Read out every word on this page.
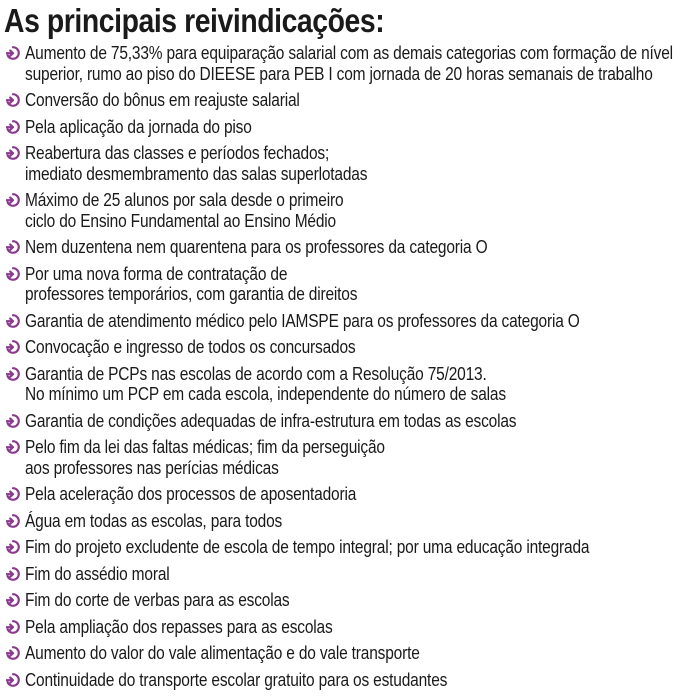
As principais reivindicações:
Aumento de 75,33% para equiparação salarial com as demais categorias com formação de nível
superior, rumo ao piso do DIEESE para PEB I com jornada de 20 horas semanais de trabalho
Conversão do bônus em reajuste salarial
Pela aplicação da jornada do piso
Reabertura das classes e períodos fechados;
imediato desmembramento das salas superlotadas
Máximo de 25 alunos por sala desde o primeiro
ciclo do Ensino Fundamental ao Ensino Médio
Nem duzentena nem quarentena para os professores da categoria O
Por uma nova forma de contratação de
professores temporários, com garantia de direitos
Garantia de atendimento médico pelo IAMSPE para os professores da categoria O
Convocação e ingresso de todos os concursados
Garantia de PCPs nas escolas de acordo com a Resolução 75/2013.
No mínimo um PCP em cada escola, independente do número de salas
Garantia de condições adequadas de infra-estrutura em todas as escolas
Pelo fim da lei das faltas médicas; fim da perseguição
aos professores nas perícias médicas
Pela aceleração dos processos de aposentadoria
Água em todas as escolas, para todos
Fim do projeto excludente de escola de tempo integral; por uma educação integrada
Fim do assédio moral
Fim do corte de verbas para as escolas
Pela ampliação dos repasses para as escolas
Aumento do valor do vale alimentação e do vale transporte
Continuidade do transporte escolar gratuito para os estudantes
